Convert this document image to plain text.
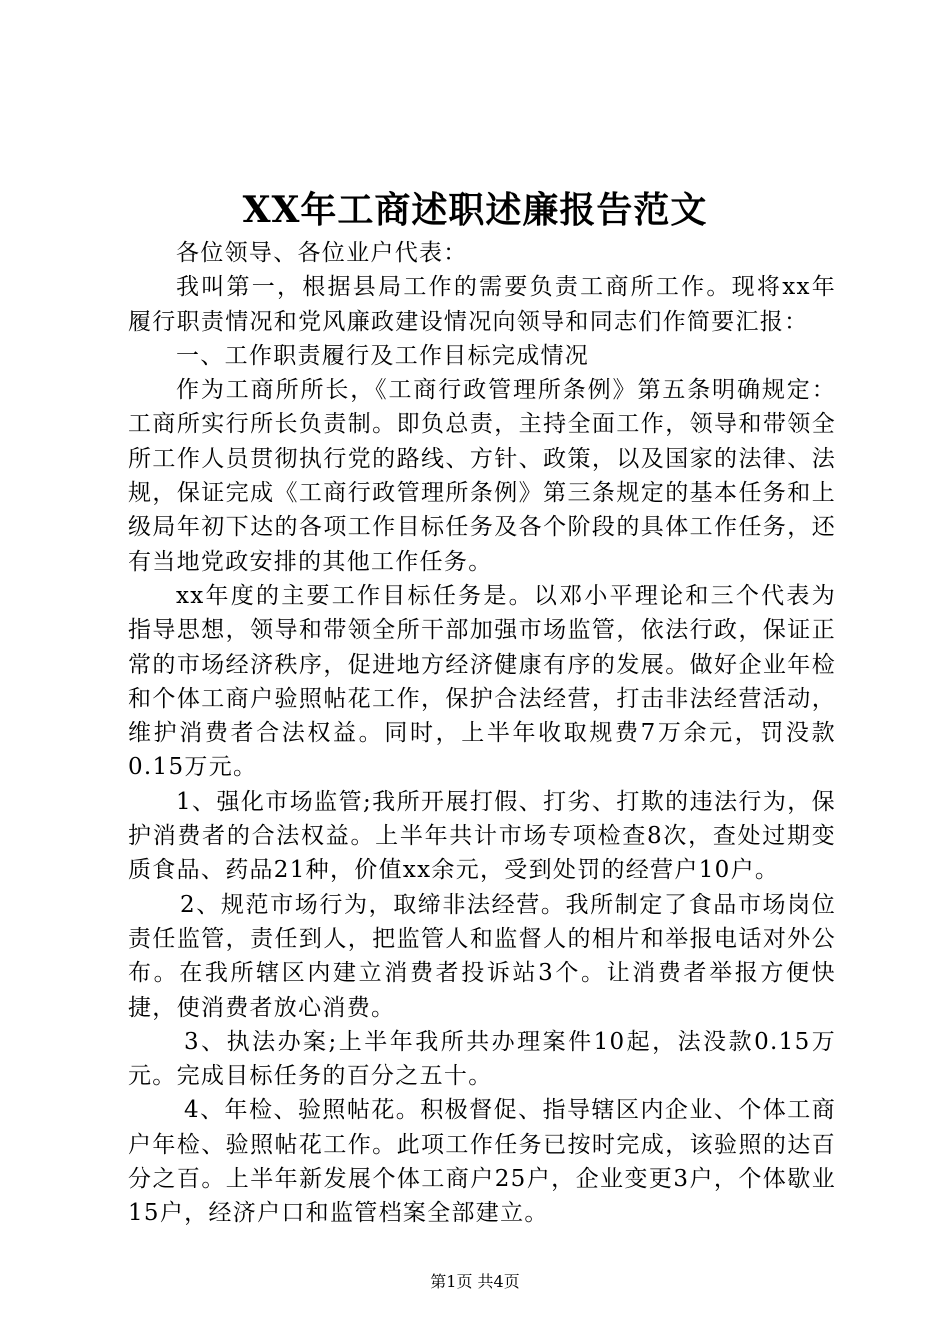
XX年工商述职述廉报告范文

各位领导、各位业户代表：

我叫第一，根据县局工作的需要负责工商所工作。现将xx年履行职责情况和党风廉政建设情况向领导和同志们作简要汇报：

一、工作职责履行及工作目标完成情况

作为工商所所长，《工商行政管理所条例》第五条明确规定：工商所实行所长负责制。即负总责，主持全面工作，领导和带领全所工作人员贯彻执行党的路线、方针、政策，以及国家的法律、法规，保证完成《工商行政管理所条例》第三条规定的基本任务和上级局年初下达的各项工作目标任务及各个阶段的具体工作任务，还有当地党政安排的其他工作任务。

xx年度的主要工作目标任务是。以邓小平理论和三个代表为指导思想，领导和带领全所干部加强市场监管，依法行政，保证正常的市场经济秩序，促进地方经济健康有序的发展。做好企业年检和个体工商户验照帖花工作，保护合法经营，打击非法经营活动，维护消费者合法权益。同时，上半年收取规费7万余元，罚没款0.15万元。

1、强化市场监管;我所开展打假、打劣、打欺的违法行为，保护消费者的合法权益。上半年共计市场专项检查8次，查处过期变质食品、药品21种，价值xx余元，受到处罚的经营户10户。

2、规范市场行为，取缔非法经营。我所制定了食品市场岗位责任监管，责任到人，把监管人和监督人的相片和举报电话对外公布。在我所辖区内建立消费者投诉站3个。让消费者举报方便快捷，使消费者放心消费。

3、执法办案;上半年我所共办理案件10起，法没款0.15万元。完成目标任务的百分之五十。

4、年检、验照帖花。积极督促、指导辖区内企业、个体工商户年检、验照帖花工作。此项工作任务已按时完成，该验照的达百分之百。上半年新发展个体工商户25户，企业变更3户，个体歇业15户，经济户口和监管档案全部建立。

第1页 共4页
